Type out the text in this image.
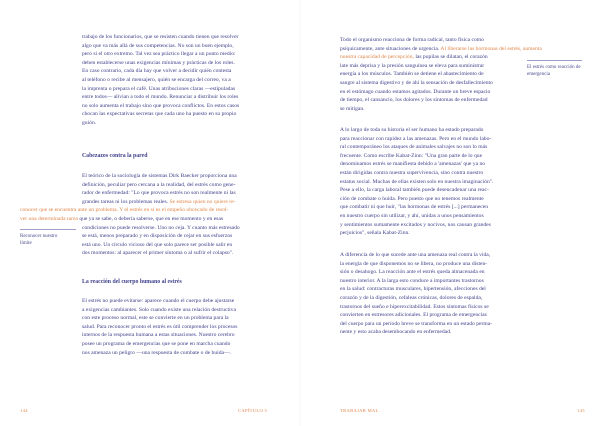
trabajo de los funcionarios, que se resisten cuando tienen que resolver
algo que va más allá de sus competencias. No son un buen ejemplo,
pero sí el otro extremo. Tal vez sea práctico llegar a un punto medio:
deben establecerse unas exigencias mínimas y prácticas de los roles.
En caso contrario, cada día hay que volver a decidir quién contesta
al teléfono o recibe al mensajero, quién se encarga del correo, va a
la imprenta o prepara el café. Unas atribuciones claras —estipuladas
entre todos— alivian a todo el mundo. Renunciar a distribuir los roles
no solo aumenta el trabajo sino que provoca conflictos. En estos casos
chocan las expectativas secretas que cada uno ha puesto en su propio
guión.
Cabezazos contra la pared
El teórico de la sociología de sistemas Dirk Baecker proporciona una
definición, peculiar pero cercana a la realidad, del estrés como gene-
rador de enfermedad: "Lo que provoca estrés no son realmente ni las
grandes tareas ni los problemas reales. Se estresa quien no quiere re-
conocer que se encuentra ante un problema. Y el estrés en sí es el empeño obcecado de resol-
ver una determinada tarea que ya se sabe, o debería saberse, que en ese momento y en esas
condiciones no puede resolverse. Uno no ceja. Y cuanto más estresado
se está, menos preparado y en disposición de cejar en sus esfuerzos
está uno. Un círculo vicioso del que solo parece ser posible salir en
dos momentos: al aparecer el primer síntoma o al sufrir el colapso".
Reconocer nuestro límite
La reacción del cuerpo humano al estrés
El estrés no puede evitarse: aparece cuando el cuerpo debe ajustarse
a exigencias cambiantes. Solo cuando existe una relación destructiva
con este proceso normal, este se convierte en un problema para la
salud. Para reconocer pronto el estrés es útil comprender los procesos
internos de la respuesta humana a estas situaciones. Nuestro cerebro
posee un programa de emergencias que se pone en marcha cuando
nos amenaza un peligro —una respuesta de combate o de huida—.
144	CAPÍTULO 5
Todo el organismo reacciona de forma radical, tanto física como
psíquicamente, ante situaciones de urgencia. Al liberarse las hormonas del estrés, aumenta
nuestra capacidad de percepción, las pupilas se dilatan, el corazón
late más deprisa y la presión sanguínea se eleva para suministrar
energía a los músculos. También se detiene el abastecimiento de
sangre al sistema digestivo y de ahí la sensación de desfallecimiento
en el estómago cuando estamos agitados. Durante un breve espacio
de tiempo, el cansancio, los dolores y los síntomas de enfermedad
se mitigan.
El estrés como reacción de emergencia
A lo largo de toda su historia el ser humano ha estado preparado
para reaccionar con rapidez a las amenazas. Pero en el mundo labo-
ral contemporáneo los ataques de animales salvajes no son lo más
frecuente. Como escribe Kabat-Zinn: "Una gran parte de lo que
denominamos estrés se manifiesta debido a 'amenazas' que ya no
están dirigidas contra nuestra supervivencia, sino contra nuestro
estatus social. Muchas de ellas existen solo en nuestra imaginación".
Pese a ello, la carga laboral también puede desencadenar una reac-
ción de combate o huida. Pero puesto que no tenemos realmente
que combatir ni que huir, "las hormonas de estrés [...] permanecen
en nuestro cuerpo sin utilizar, y ahí, unidas a unos pensamientos
y sentimientos sumamente excitados y nocivos, nos causan grandes
perjuicios", señala Kabat-Zinn.
A diferencia de lo que sucede ante una amenaza real contra la vida,
la energía de que disponemos no se libera, no produce una disten-
sión o desahogo. La reacción ante el estrés queda almacenada en
nuestro interior. A la larga esto conduce a importantes trastornos
en la salud: contracturas musculares, hipertensión, afecciones del
corazón y de la digestión, cefaleas crónicas, dolores de espalda,
trastornos del sueño e hiperexcitabilidad. Estos síntomas físicos se
convierten en estresores adicionales. El programa de emergencias
del cuerpo para un período breve se transforma en un estado perma-
nente y esto acaba desembocando en enfermedad.
TRABAJAR MAL	145
